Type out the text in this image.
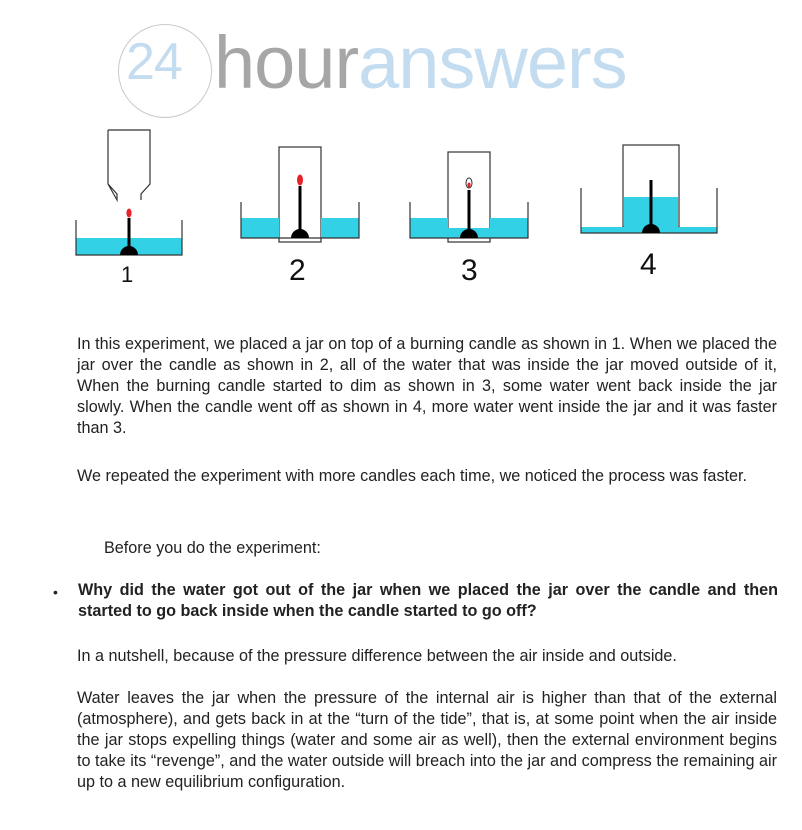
24 houranswers
1	2	3	4
In this experiment, we placed a jar on top of a burning candle as shown in 1. When we placed the jar over the candle as shown in 2, all of the water that was inside the jar moved outside of it, When the burning candle started to dim as shown in 3, some water went back inside the jar slowly. When the candle went off as shown in 4, more water went inside the jar and it was faster than 3.
We repeated the experiment with more candles each time, we noticed the process was faster.
Before you do the experiment:
• Why did the water got out of the jar when we placed the jar over the candle and then started to go back inside when the candle started to go off?
In a nutshell, because of the pressure difference between the air inside and outside.
Water leaves the jar when the pressure of the internal air is higher than that of the external (atmosphere), and gets back in at the “turn of the tide”, that is, at some point when the air inside the jar stops expelling things (water and some air as well), then the external environment begins to take its “revenge”, and the water outside will breach into the jar and compress the remaining air up to a new equilibrium configuration.
